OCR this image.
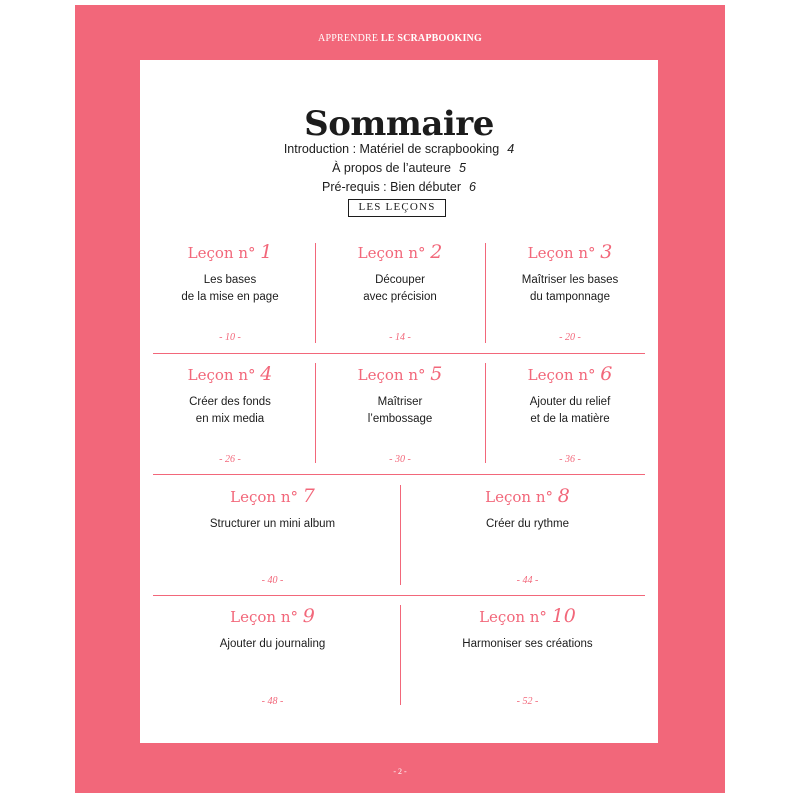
APPRENDRE LE SCRAPBOOKING
Sommaire
Introduction : Matériel de scrapbooking 4
À propos de l’auteure 5
Pré-requis : Bien débuter 6
LES LEÇONS
Leçon n° 1
Les bases
de la mise en page
- 10 -
Leçon n° 2
Découper
avec précision
- 14 -
Leçon n° 3
Maîtriser les bases
du tamponnage
- 20 -
Leçon n° 4
Créer des fonds
en mix media
- 26 -
Leçon n° 5
Maîtriser
l’embossage
- 30 -
Leçon n° 6
Ajouter du relief
et de la matière
- 36 -
Leçon n° 7
Structurer un mini album
- 40 -
Leçon n° 8
Créer du rythme
- 44 -
Leçon n° 9
Ajouter du journaling
- 48 -
Leçon n° 10
Harmoniser ses créations
- 52 -
- 2 -
